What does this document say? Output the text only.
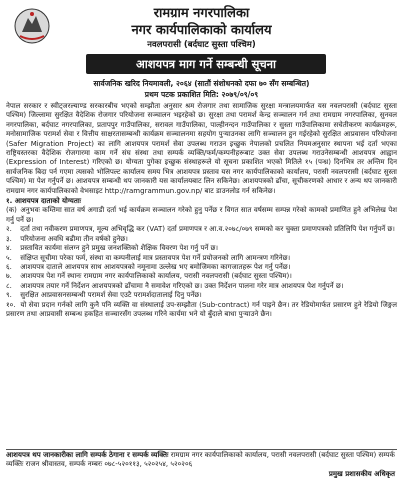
रामग्राम नगरपालिका
नगर कार्यपालिकाको कार्यालय
नवलपरासी (बर्दघाट सुस्ता पश्चिम)
आशयपत्र माग गर्ने सम्बन्धी सूचना
सार्वजनिक खरिद नियमावली, २०६४ (सातौं संशोधनको दफा ७० सँग सम्बन्धित)
प्रथम पटक प्रकाशित मिति: २०७९/०९/०९

नेपाल सरकार र स्वीट्जरल्याण्ड सरकारबीच भएको सम्झौता अनुसार श्रम रोजगार तथा सामाजिक सुरक्षा मन्त्रालयमार्फत यस नवलपरासी (बर्दघाट सुस्ता पश्चिम) जिल्लामा सुरक्षित वैदेशिक रोजगार परियोजना सञ्चालन भइरहेको छ। सुरक्षा तथा परामर्श केन्द्र सञ्चालन गर्न तथा रामग्राम नगरपालिका, सुनवल नगरपालिका, बर्दघाट नगरपालिका, प्रतापपुर गाउँपालिका, सरावल गाउँपालिका, पाल्हीनन्दन गाउँपालिका र सुस्ता गाउँपालिकामा सचेतीकरण कार्यक्रमहरू, मनोसामाजिक परामर्श सेवा र वित्तीय साक्षरतासम्बन्धी कार्यक्रम सञ्चालनमा सहयोग पुऱ्याउनका लागि सञ्चालन हुन गईरहेको सुरक्षित आप्रवासन परियोजना (Safer Migration Project) का लागि आशयपत्र परामर्श सेवा उपलब्ध गराउन इच्छुक नेपालको प्रचलित नियमअनुसार स्थापना भई दर्ता भएका राष्ट्रियस्तरका वैदेशिक रोजगारमा काम गर्ने संघ संस्था तथा सम्पर्क व्यक्ति/फर्म/कम्पनीहरूबाट उक्त सेवा उपलब्ध गराउनेसम्बन्धी आशयपत्र आह्वान (Expression of Interest) गरिएको छ। योग्यता पुगेका इच्छुक संस्थाहरूले यो सूचना प्रकाशित भएको मितिले १५ (पन्ध्र) दिनभित्र तर अन्तिम दिन सार्वजनिक बिदा पर्न गएमा त्यसको भोलिपल्ट कार्यालय समय भित्र आशयपत्र प्रस्ताव यस नगर कार्यपालिकाको कार्यालय, परासी नवलपरासी (बर्दघाट सुस्ता पश्चिम) मा पेश गर्नुपर्ने छ। आशयपत्र सम्बन्धी थप जानकारी यस कार्यालयबाट लिन सकिनेछ। आशयपत्रको ढाँचा, सूचीकरणको आधार र अन्य थप जानकारी रामग्राम नगर कार्यपालिकाको वेभसाइट http://ramgrammun.gov.np/ बाट डाउनलोड गर्न सकिनेछ।

१. आशयपत्र दाताको योग्यताः
(क) अनुभवः कम्तिमा सात वर्ष अगाडी दर्ता भई कार्यक्रम सञ्चालन गरेको हुनु पर्नेछ र विगत सात वर्षसम्म सम्पन्न गरेको कामको प्रमाणित हुने अभिलेख पेश गर्नु पर्ने छ।
२. दर्ता तथा नवीकरण प्रमाणपत्र, मूल्य अभिवृद्धि कर (VAT) दर्ता प्रमाणपत्र र आ.व.२०७८/०७९ सम्मको कर चुक्ता प्रमाणपत्रको प्रतिलिपि पेश गर्नुपर्ने छ।
३. परियोजना अवधि बढीमा तीन वर्षको हुनेछ।
४. प्रस्तावित कार्यमा संलग्न हुने प्रमुख जनशक्तिको शैक्षिक विवरण पेश गर्नु पर्ने छ।
५. संक्षिप्त सूचीमा परेका फर्म, संस्था वा कम्पनीलाई मात्र प्रस्तावपत्र पेश गर्ने प्रयोजनको लागि आमन्त्रण गरिनेछ।
६. आशयपत्र दाताले आशयपत्र साथ आशयपत्रको नमूनामा उल्लेख भए बमोजिमका कागजातहरू पेश गर्नु पर्नेछ।
७. आशयपत्र पेश गर्ने स्थानः रामग्राम नगर कार्यपालिकाको कार्यालय, परासी नवलपरासी (बर्दघाट सुस्ता पश्चिम)।
८. आशयपत्र तयार गर्ने निर्देशन आशयपत्रको ढाँचामा नै समावेश गरिएको छ। उक्त निर्देशन पालना गरेर मात्र आशयपत्र पेश गर्नुपर्ने छ।
९. सुरक्षित आप्रवासनसम्बन्धी परामर्श सेवा एउटै परामर्शदातालाई दिनु पर्नेछ।
१०. यो सेवा प्रदान गर्नको लागि कुनै पनि व्यक्ति वा संस्थालाई उप-सम्झौता (Sub-contract) गर्न पाइने छैन। तर रेडियोमार्फत प्रसारण हुने रेडियो जिङ्गल प्रसारण तथा आप्रवासी सम्बन्ध हकहित सञ्चारसँग उपलब्ध गरिने कार्यमा भने यो बुँदाले बाधा पुऱ्याउने छैन।
आशयपत्र थप जानकारीका लागि सम्पर्क ठेगाना र सम्पर्क व्यक्तिः रामग्राम नगर कार्यपालिकाको कार्यालय, परासी नवलपरासी (बर्दघाट सुस्ता पश्चिम) सम्पर्क व्यक्तिः राजन श्रीवास्तव, सम्पर्क नम्बरः ०७८-५२०११३, ५२०२५४, ५२०२०६
प्रमुख प्रशासकीय अधिकृत
